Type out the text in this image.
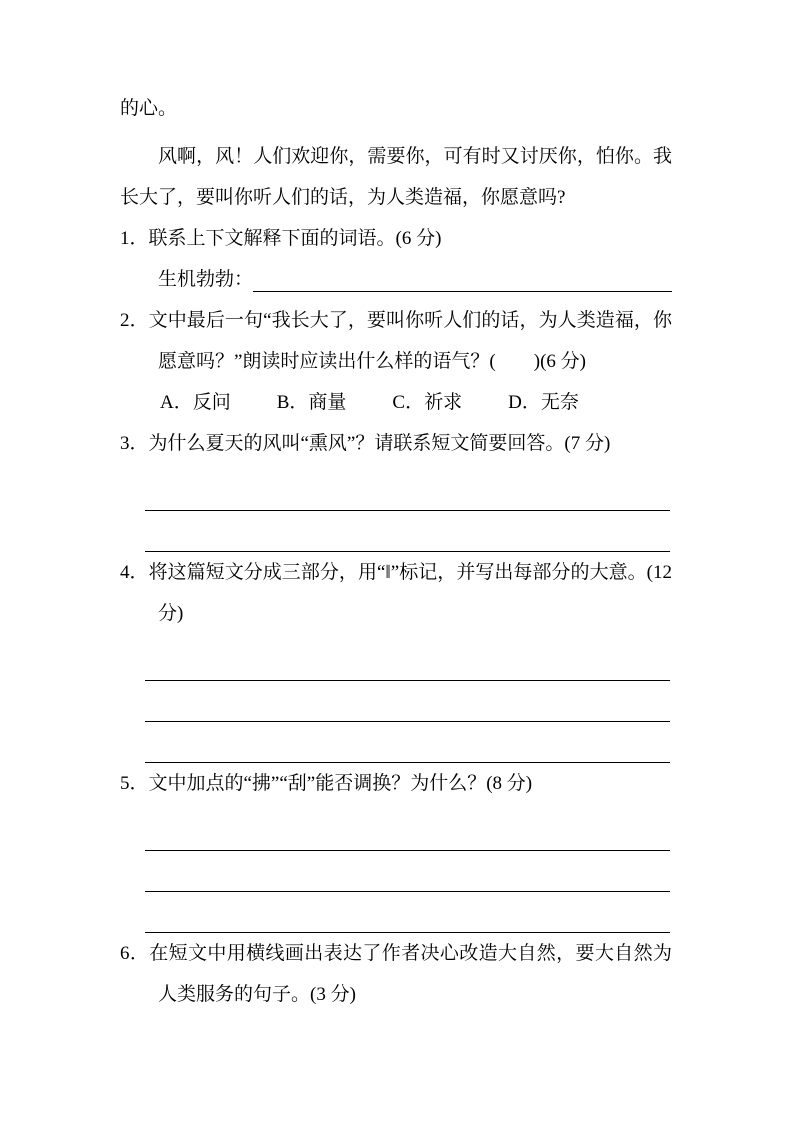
的心。

风啊，风！人们欢迎你，需要你，可有时又讨厌你，怕你。我长大了，要叫你听人们的话，为人类造福，你愿意吗?

1．联系上下文解释下面的词语。(6 分)

生机勃勃：

2．文中最后一句“我长大了，要叫你听人们的话，为人类造福，你愿意吗？”朗读时应读出什么样的语气？(　　)(6 分)

A．反问 B．商量 C．祈求 D．无奈

3．为什么夏天的风叫“熏风”？请联系短文简要回答。(7 分)

4．将这篇短文分成三部分，用“‖”标记，并写出每部分的大意。(12 分)

5．文中加点的“拂”“刮”能否调换？为什么？(8 分)

6．在短文中用横线画出表达了作者决心改造大自然，要大自然为人类服务的句子。(3 分)
